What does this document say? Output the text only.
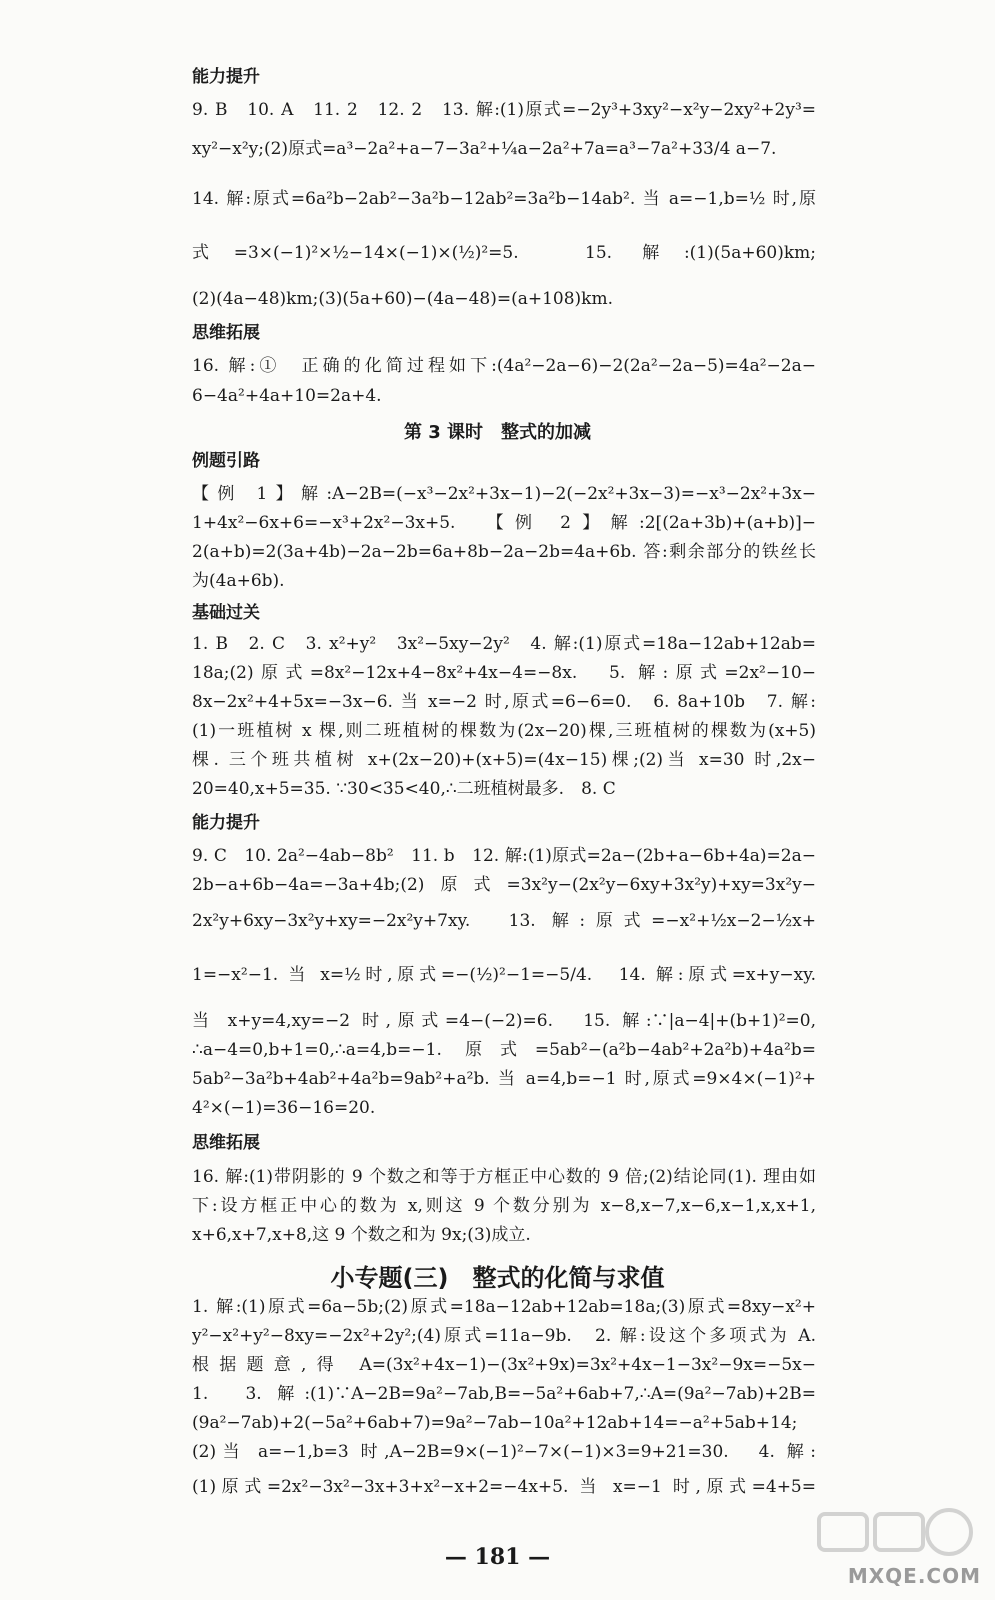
能力提升
9. B　10. A　11. 2　12. 2　13. 解:(1)原式=−2y³+3xy²−x²y−2xy²+2y³=
xy²−x²y;(2)原式=a³−2a²+a−7−3a²+¼a−2a²+7a=a³−7a²+33/4 a−7.
14. 解:原式=6a²b−2ab²−3a²b−12ab²=3a²b−14ab². 当 a=−1,b=½ 时,原
式=3×(−1)²×½−14×(−1)×(½)²=5.　15. 解:(1)(5a+60)km;
(2)(4a−48)km;(3)(5a+60)−(4a−48)=(a+108)km.
思维拓展
16. 解:①　正确的化简过程如下:(4a²−2a−6)−2(2a²−2a−5)=4a²−2a−
6−4a²+4a+10=2a+4.
第 3 课时　整式的加减
例题引路
【例 1】解:A−2B=(−x³−2x²+3x−1)−2(−2x²+3x−3)=−x³−2x²+3x−
1+4x²−6x+6=−x³+2x²−3x+5.　【例 2】解:2[(2a+3b)+(a+b)]−
2(a+b)=2(3a+4b)−2a−2b=6a+8b−2a−2b=4a+6b. 答:剩余部分的铁丝长
为(4a+6b).
基础过关
1. B　2. C　3. x²+y²　3x²−5xy−2y²　4. 解:(1)原式=18a−12ab+12ab=
18a;(2)原式=8x²−12x+4−8x²+4x−4=−8x.　5. 解:原式=2x²−10−
8x−2x²+4+5x=−3x−6. 当 x=−2 时,原式=6−6=0.　6. 8a+10b　7. 解:
(1)一班植树 x 棵,则二班植树的棵数为(2x−20)棵,三班植树的棵数为(x+5)
棵. 三个班共植树 x+(2x−20)+(x+5)=(4x−15)棵;(2)当 x=30 时,2x−
20=40,x+5=35. ∵30<35<40,∴二班植树最多.　8. C
能力提升
9. C　10. 2a²−4ab−8b²　11. b　12. 解:(1)原式=2a−(2b+a−6b+4a)=2a−
2b−a+6b−4a=−3a+4b;(2)原式=3x²y−(2x²y−6xy+3x²y)+xy=3x²y−
2x²y+6xy−3x²y+xy=−2x²y+7xy.　13. 解:原式=−x²+½x−2−½x+
1=−x²−1. 当 x=½时,原式=−(½)²−1=−5/4.　14. 解:原式=x+y−xy.
当 x+y=4,xy=−2 时,原式=4−(−2)=6.　15. 解:∵|a−4|+(b+1)²=0,
∴a−4=0,b+1=0,∴a=4,b=−1. 原式=5ab²−(a²b−4ab²+2a²b)+4a²b=
5ab²−3a²b+4ab²+4a²b=9ab²+a²b. 当 a=4,b=−1 时,原式=9×4×(−1)²+
4²×(−1)=36−16=20.
思维拓展
16. 解:(1)带阴影的 9 个数之和等于方框正中心数的 9 倍;(2)结论同(1). 理由如
下:设方框正中心的数为 x,则这 9 个数分别为 x−8,x−7,x−6,x−1,x,x+1,
x+6,x+7,x+8,这 9 个数之和为 9x;(3)成立.
小专题(三)　整式的化简与求值
1. 解:(1)原式=6a−5b;(2)原式=18a−12ab+12ab=18a;(3)原式=8xy−x²+
y²−x²+y²−8xy=−2x²+2y²;(4)原式=11a−9b.　2. 解:设这个多项式为 A.
根据题意,得 A=(3x²+4x−1)−(3x²+9x)=3x²+4x−1−3x²−9x=−5x−
1.　3. 解:(1)∵A−2B=9a²−7ab,B=−5a²+6ab+7,∴A=(9a²−7ab)+2B=
(9a²−7ab)+2(−5a²+6ab+7)=9a²−7ab−10a²+12ab+14=−a²+5ab+14;
(2)当 a=−1,b=3 时,A−2B=9×(−1)²−7×(−1)×3=9+21=30.　4. 解:
(1)原式=2x²−3x²−3x+3+x²−x+2=−4x+5. 当 x=−1 时,原式=4+5=
— 181 —
MXQE.COM
